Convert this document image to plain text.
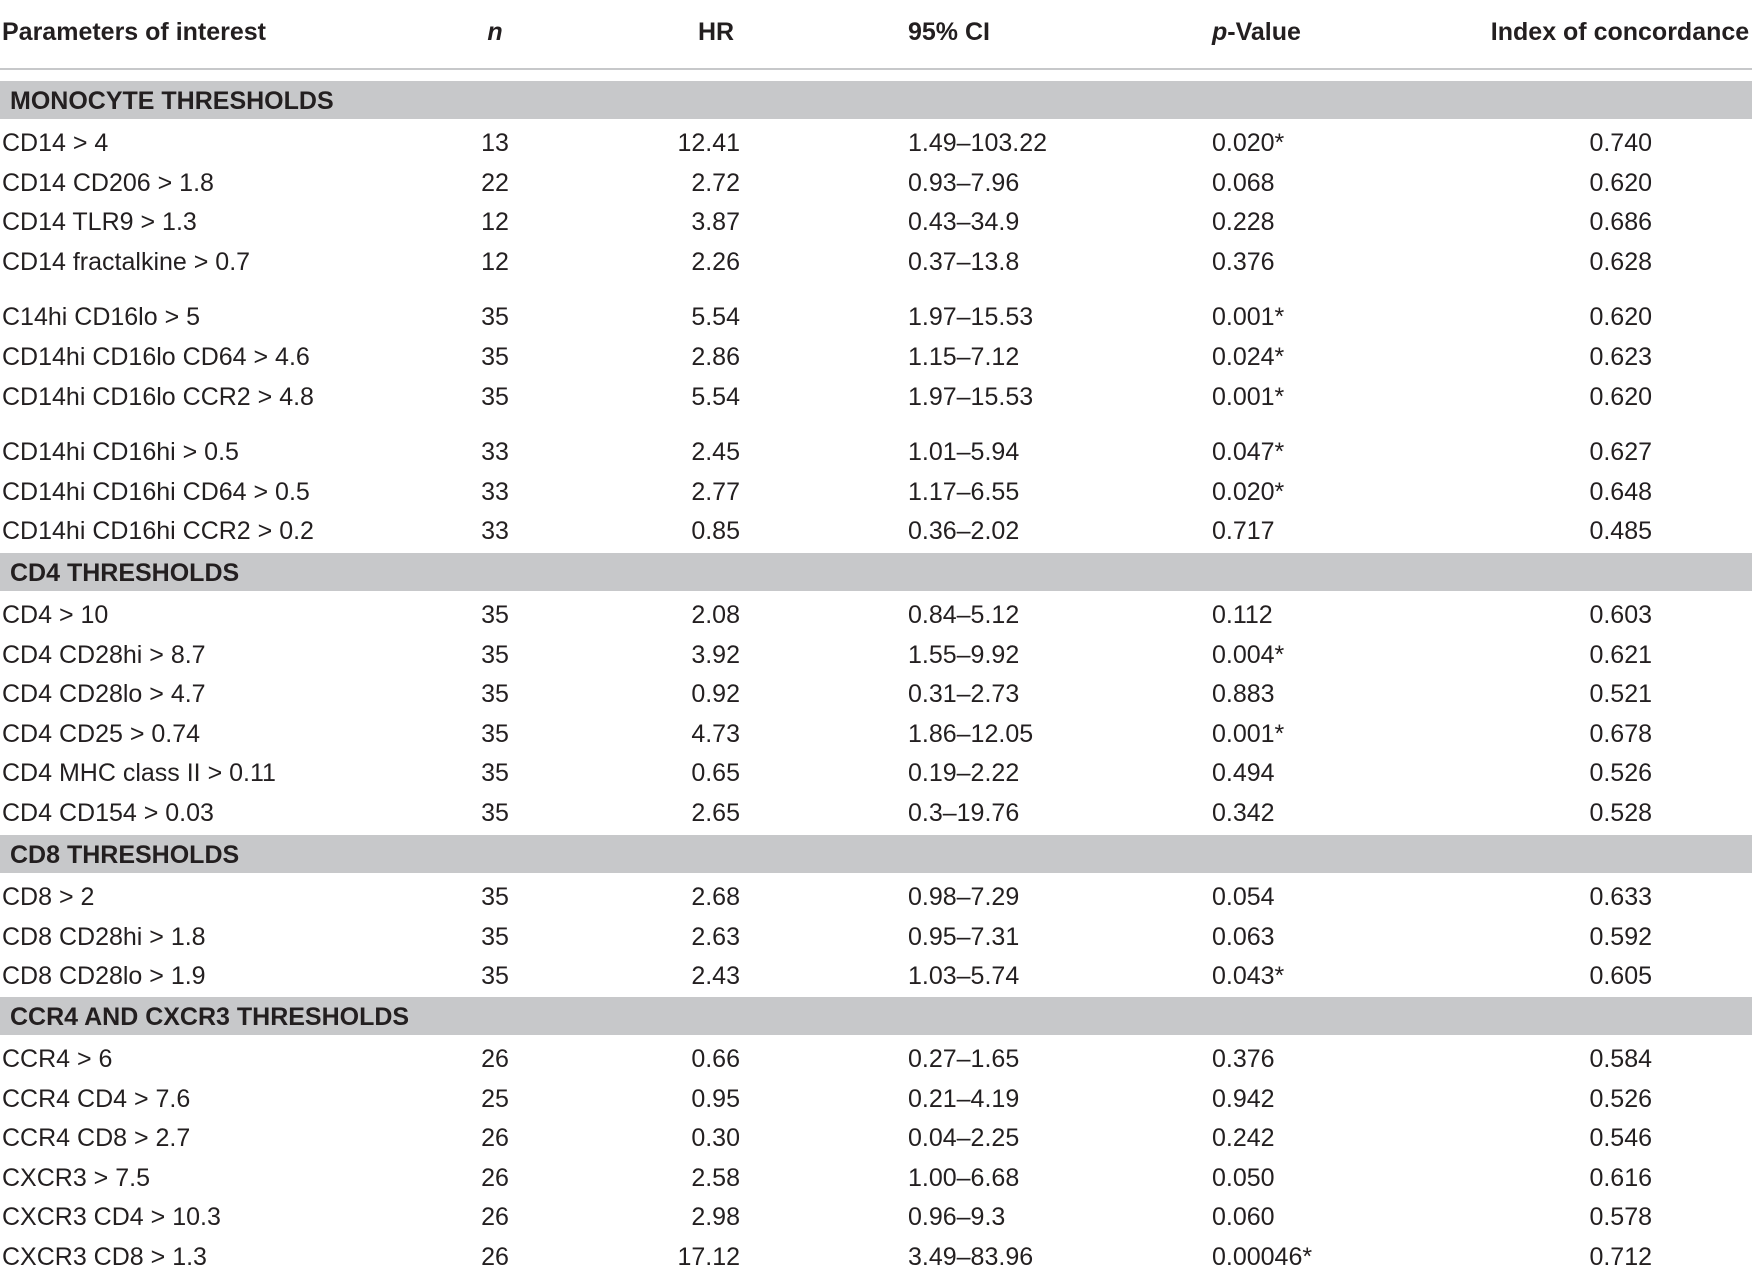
Parameters of interest	n	HR	95% CI	p-Value	Index of concordance
MONOCYTE THRESHOLDS
CD14 > 4	13	12.41	1.49–103.22	0.020*	0.740
CD14 CD206 > 1.8	22	2.72	0.93–7.96	0.068	0.620
CD14 TLR9 > 1.3	12	3.87	0.43–34.9	0.228	0.686
CD14 fractalkine > 0.7	12	2.26	0.37–13.8	0.376	0.628
C14hi CD16lo > 5	35	5.54	1.97–15.53	0.001*	0.620
CD14hi CD16lo CD64 > 4.6	35	2.86	1.15–7.12	0.024*	0.623
CD14hi CD16lo CCR2 > 4.8	35	5.54	1.97–15.53	0.001*	0.620
CD14hi CD16hi > 0.5	33	2.45	1.01–5.94	0.047*	0.627
CD14hi CD16hi CD64 > 0.5	33	2.77	1.17–6.55	0.020*	0.648
CD14hi CD16hi CCR2 > 0.2	33	0.85	0.36–2.02	0.717	0.485
CD4 THRESHOLDS
CD4 > 10	35	2.08	0.84–5.12	0.112	0.603
CD4 CD28hi > 8.7	35	3.92	1.55–9.92	0.004*	0.621
CD4 CD28lo > 4.7	35	0.92	0.31–2.73	0.883	0.521
CD4 CD25 > 0.74	35	4.73	1.86–12.05	0.001*	0.678
CD4 MHC class II > 0.11	35	0.65	0.19–2.22	0.494	0.526
CD4 CD154 > 0.03	35	2.65	0.3–19.76	0.342	0.528
CD8 THRESHOLDS
CD8 > 2	35	2.68	0.98–7.29	0.054	0.633
CD8 CD28hi > 1.8	35	2.63	0.95–7.31	0.063	0.592
CD8 CD28lo > 1.9	35	2.43	1.03–5.74	0.043*	0.605
CCR4 AND CXCR3 THRESHOLDS
CCR4 > 6	26	0.66	0.27–1.65	0.376	0.584
CCR4 CD4 > 7.6	25	0.95	0.21–4.19	0.942	0.526
CCR4 CD8 > 2.7	26	0.30	0.04–2.25	0.242	0.546
CXCR3 > 7.5	26	2.58	1.00–6.68	0.050	0.616
CXCR3 CD4 > 10.3	26	2.98	0.96–9.3	0.060	0.578
CXCR3 CD8 > 1.3	26	17.12	3.49–83.96	0.00046*	0.712
